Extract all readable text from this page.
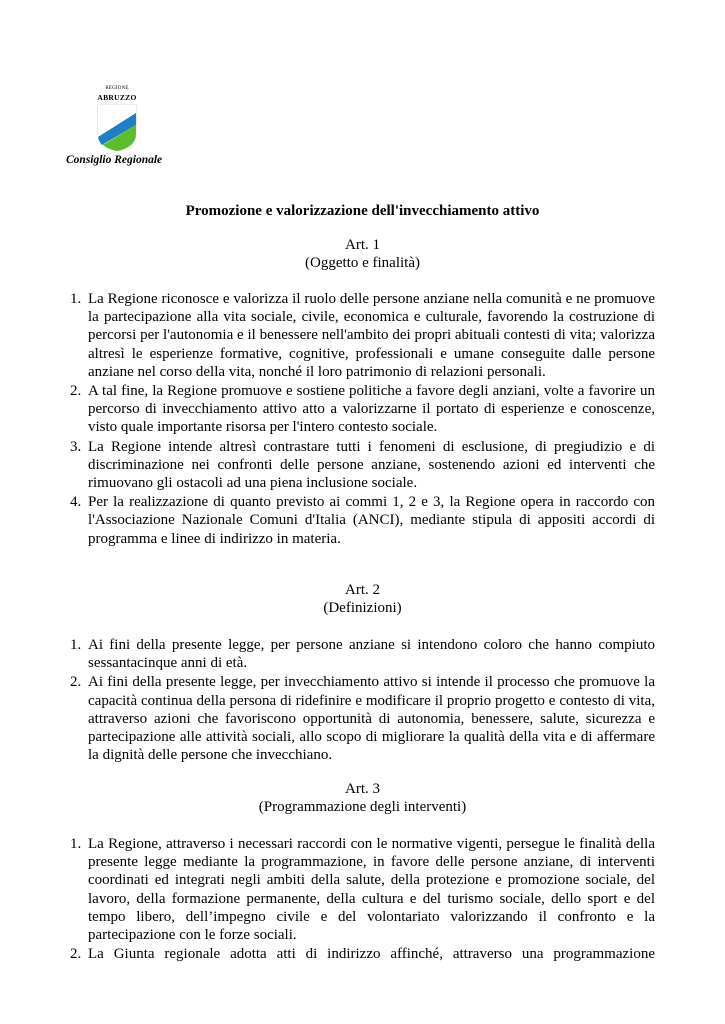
REGIONE
ABRUZZO
Consiglio Regionale
Promozione e valorizzazione dell'invecchiamento attivo
Art. 1
(Oggetto e finalità)
1. La Regione riconosce e valorizza il ruolo delle persone anziane nella comunità e ne promuove la partecipazione alla vita sociale, civile, economica e culturale, favorendo la costruzione di percorsi per l'autonomia e il benessere nell'ambito dei propri abituali contesti di vita; valorizza altresì le esperienze formative, cognitive, professionali e umane conseguite dalle persone anziane nel corso della vita, nonché il loro patrimonio di relazioni personali.
2. A tal fine, la Regione promuove e sostiene politiche a favore degli anziani, volte a favorire un percorso di invecchiamento attivo atto a valorizzarne il portato di esperienze e conoscenze, visto quale importante risorsa per l'intero contesto sociale.
3. La Regione intende altresì contrastare tutti i fenomeni di esclusione, di pregiudizio e di discriminazione nei confronti delle persone anziane, sostenendo azioni ed interventi che rimuovano gli ostacoli ad una piena inclusione sociale.
4. Per la realizzazione di quanto previsto ai commi 1, 2 e 3, la Regione opera in raccordo con l'Associazione Nazionale Comuni d'Italia (ANCI), mediante stipula di appositi accordi di programma e linee di indirizzo in materia.
Art. 2
(Definizioni)
1. Ai fini della presente legge, per persone anziane si intendono coloro che hanno compiuto sessantacinque anni di età.
2. Ai fini della presente legge, per invecchiamento attivo si intende il processo che promuove la capacità continua della persona di ridefinire e modificare il proprio progetto e contesto di vita, attraverso azioni che favoriscono opportunità di autonomia, benessere, salute, sicurezza e partecipazione alle attività sociali, allo scopo di migliorare la qualità della vita e di affermare la dignità delle persone che invecchiano.
Art. 3
(Programmazione degli interventi)
1. La Regione, attraverso i necessari raccordi con le normative vigenti, persegue le finalità della presente legge mediante la programmazione, in favore delle persone anziane, di interventi coordinati ed integrati negli ambiti della salute, della protezione e promozione sociale, del lavoro, della formazione permanente, della cultura e del turismo sociale, dello sport e del tempo libero, dell’impegno civile e del volontariato valorizzando il confronto e la partecipazione con le forze sociali.
2. La Giunta regionale adotta atti di indirizzo affinché, attraverso una programmazione
